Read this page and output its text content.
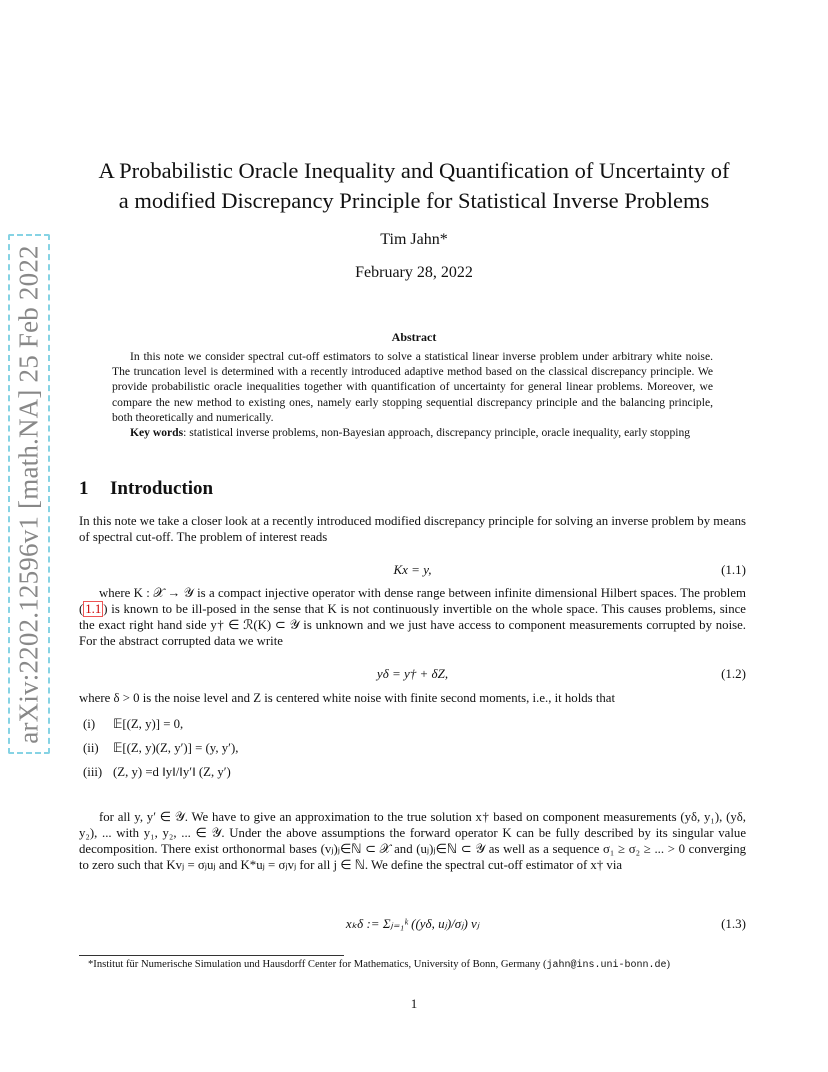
arXiv:2202.12596v1 [math.NA] 25 Feb 2022
A Probabilistic Oracle Inequality and Quantification of Uncertainty of
a modified Discrepancy Principle for Statistical Inverse Problems
Tim Jahn*
February 28, 2022
Abstract

In this note we consider spectral cut-off estimators to solve a statistical linear inverse problem under arbitrary white noise. The truncation level is determined with a recently introduced adaptive method based on the classical discrepancy principle. We provide probabilistic oracle inequalities together with quantification of uncertainty for general linear problems. Moreover, we compare the new method to existing ones, namely early stopping sequential discrepancy principle and the balancing principle, both theoretically and numerically.

Key words: statistical inverse problems, non-Bayesian approach, discrepancy principle, oracle inequality, early stopping

1 Introduction
In this note we take a closer look at a recently introduced modified discrepancy principle for solving an inverse problem by means of spectral cut-off. The problem of interest reads
Kx = y,	(1.1)
where K : 𝒳 → 𝒴 is a compact injective operator with dense range between infinite dimensional Hilbert spaces. The problem ( 1.1 ) is known to be ill-posed in the sense that K is not continuously invertible on the whole space. This causes problems, since the exact right hand side y† ∈ ℛ(K) ⊂ 𝒴 is unknown and we just have access to component measurements corrupted by noise. For the abstract corrupted data we write
yδ = y† + δZ,	(1.2)
where δ > 0 is the noise level and Z is centered white noise with finite second moments, i.e., it holds that
(i) 𝔼[(Z, y)] = 0,
(ii) 𝔼[(Z, y)(Z, y′)] = (y, y′),
(iii) (Z, y) =d ‖y‖/‖y′‖ (Z, y′)
for all y, y′ ∈ 𝒴. We have to give an approximation to the true solution x† based on component measurements (yδ, y₁), (yδ, y₂), ... with y₁, y₂, ... ∈ 𝒴. Under the above assumptions the forward operator K can be fully described by its singular value decomposition. There exist orthonormal bases (vⱼ)ⱼ∈ℕ ⊂ 𝒳 and (uⱼ)ⱼ∈ℕ ⊂ 𝒴 as well as a sequence σ₁ ≥ σ₂ ≥ ... > 0 converging to zero such that Kvⱼ = σⱼuⱼ and K*uⱼ = σⱼvⱼ for all j ∈ ℕ. We define the spectral cut-off estimator of x† via
xₖδ := Σⱼ₌₁ᵏ ((yδ, uⱼ)/σⱼ) vⱼ	(1.3)
*Institut für Numerische Simulation und Hausdorff Center for Mathematics, University of Bonn, Germany (jahn@ins.uni-bonn.de)
1
